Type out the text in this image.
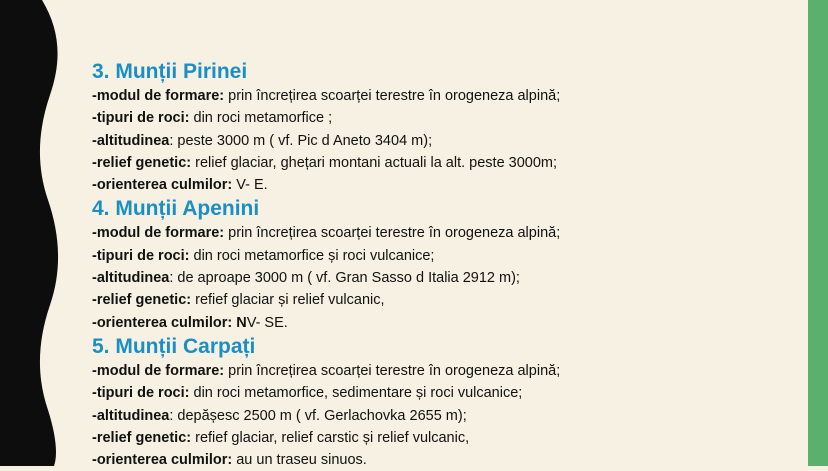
3. Munții Pirinei

-modul de formare: prin încrețirea scoarței terestre în orogeneza alpină;

-tipuri de roci: din roci metamorfice ;

-altitudinea: peste 3000 m ( vf. Pic d Aneto 3404 m);

-relief genetic: relief glaciar, ghețari montani actuali la alt. peste 3000m;

-orienterea culmilor: V- E.

4. Munții Apenini

-modul de formare: prin încrețirea scoarței terestre în orogeneza alpină;

-tipuri de roci: din roci metamorfice și roci vulcanice;

-altitudinea: de aproape 3000 m ( vf. Gran Sasso d Italia 2912 m);

-relief genetic: refief glaciar și relief vulcanic,

-orienterea culmilor: NV- SE.

5. Munții Carpați

-modul de formare: prin încrețirea scoarței terestre în orogeneza alpină;

-tipuri de roci: din roci metamorfice, sedimentare și roci vulcanice;

-altitudinea: depășesc 2500 m ( vf. Gerlachovka 2655 m);

-relief genetic: refief glaciar, relief carstic și relief vulcanic,

-orienterea culmilor: au un traseu sinuos.
